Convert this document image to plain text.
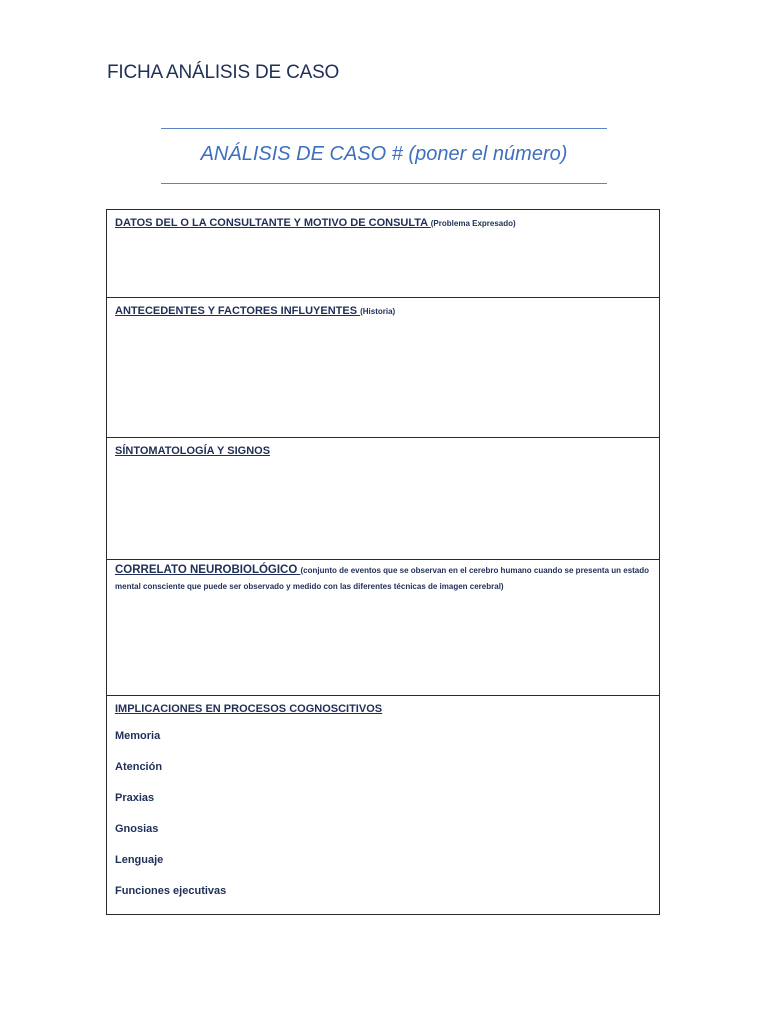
FICHA ANÁLISIS DE CASO
ANÁLISIS DE CASO # (poner el número)
DATOS DEL O LA CONSULTANTE Y MOTIVO DE CONSULTA (Problema Expresado)
ANTECEDENTES Y FACTORES INFLUYENTES (Historia)
SÍNTOMATOLOGÍA Y SIGNOS
CORRELATO NEUROBIOLÓGICO (conjunto de eventos que se observan en el cerebro humano cuando se presenta un estado mental consciente que puede ser observado y medido con las diferentes técnicas de imagen cerebral)
IMPLICACIONES EN PROCESOS COGNOSCITIVOS
Memoria
Atención
Praxias
Gnosias
Lenguaje
Funciones ejecutivas
